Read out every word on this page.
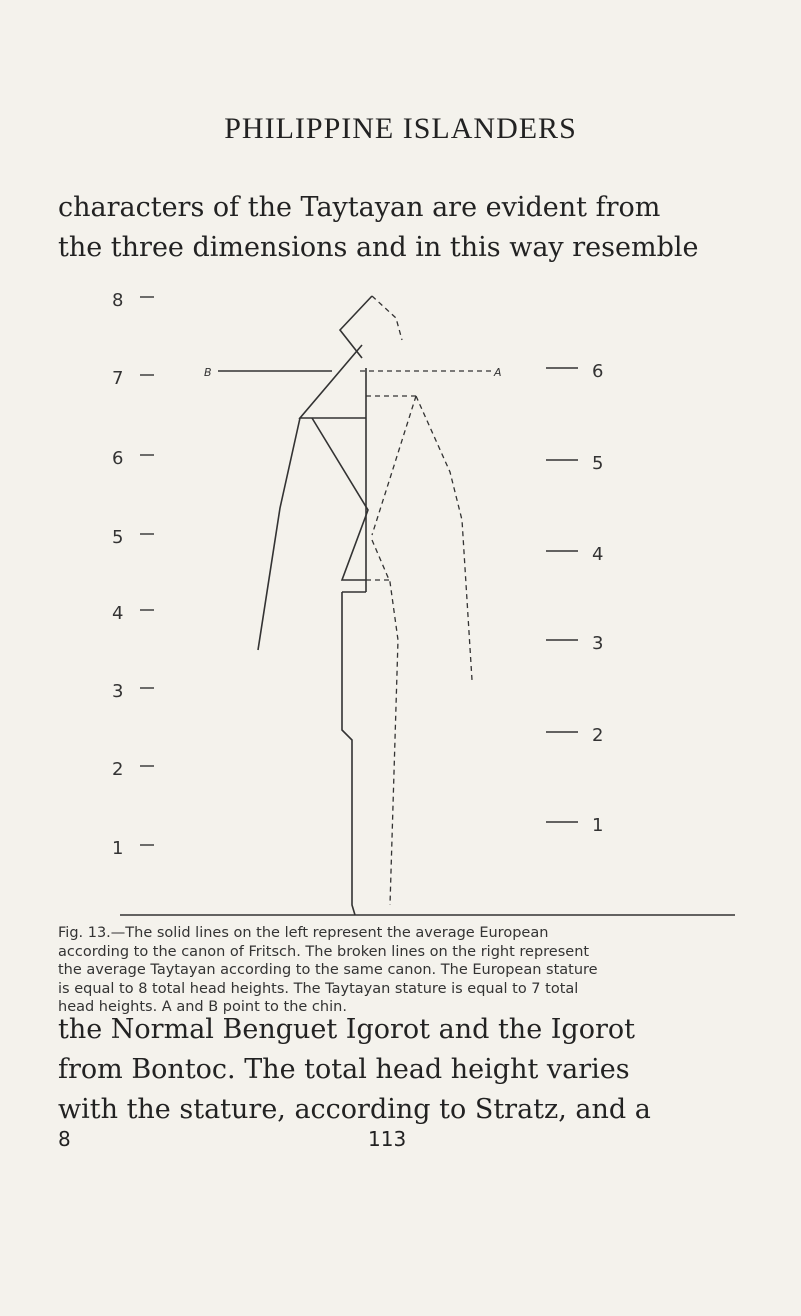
PHILIPPINE ISLANDERS
characters of the Taytayan are evident from
the three dimensions and in this way resemble
8
7
6
5
4
3
2
1
6
5
4
3
2
1
A
B
Fig. 13.—The solid lines on the left represent the average European
according to the canon of Fritsch. The broken lines on the right represent
the average Taytayan according to the same canon. The European stature
is equal to 8 total head heights. The Taytayan stature is equal to 7 total
head heights. A and B point to the chin.
the Normal Benguet Igorot and the Igorot
from Bontoc. The total head height varies
with the stature, according to Stratz, and a
8	113
